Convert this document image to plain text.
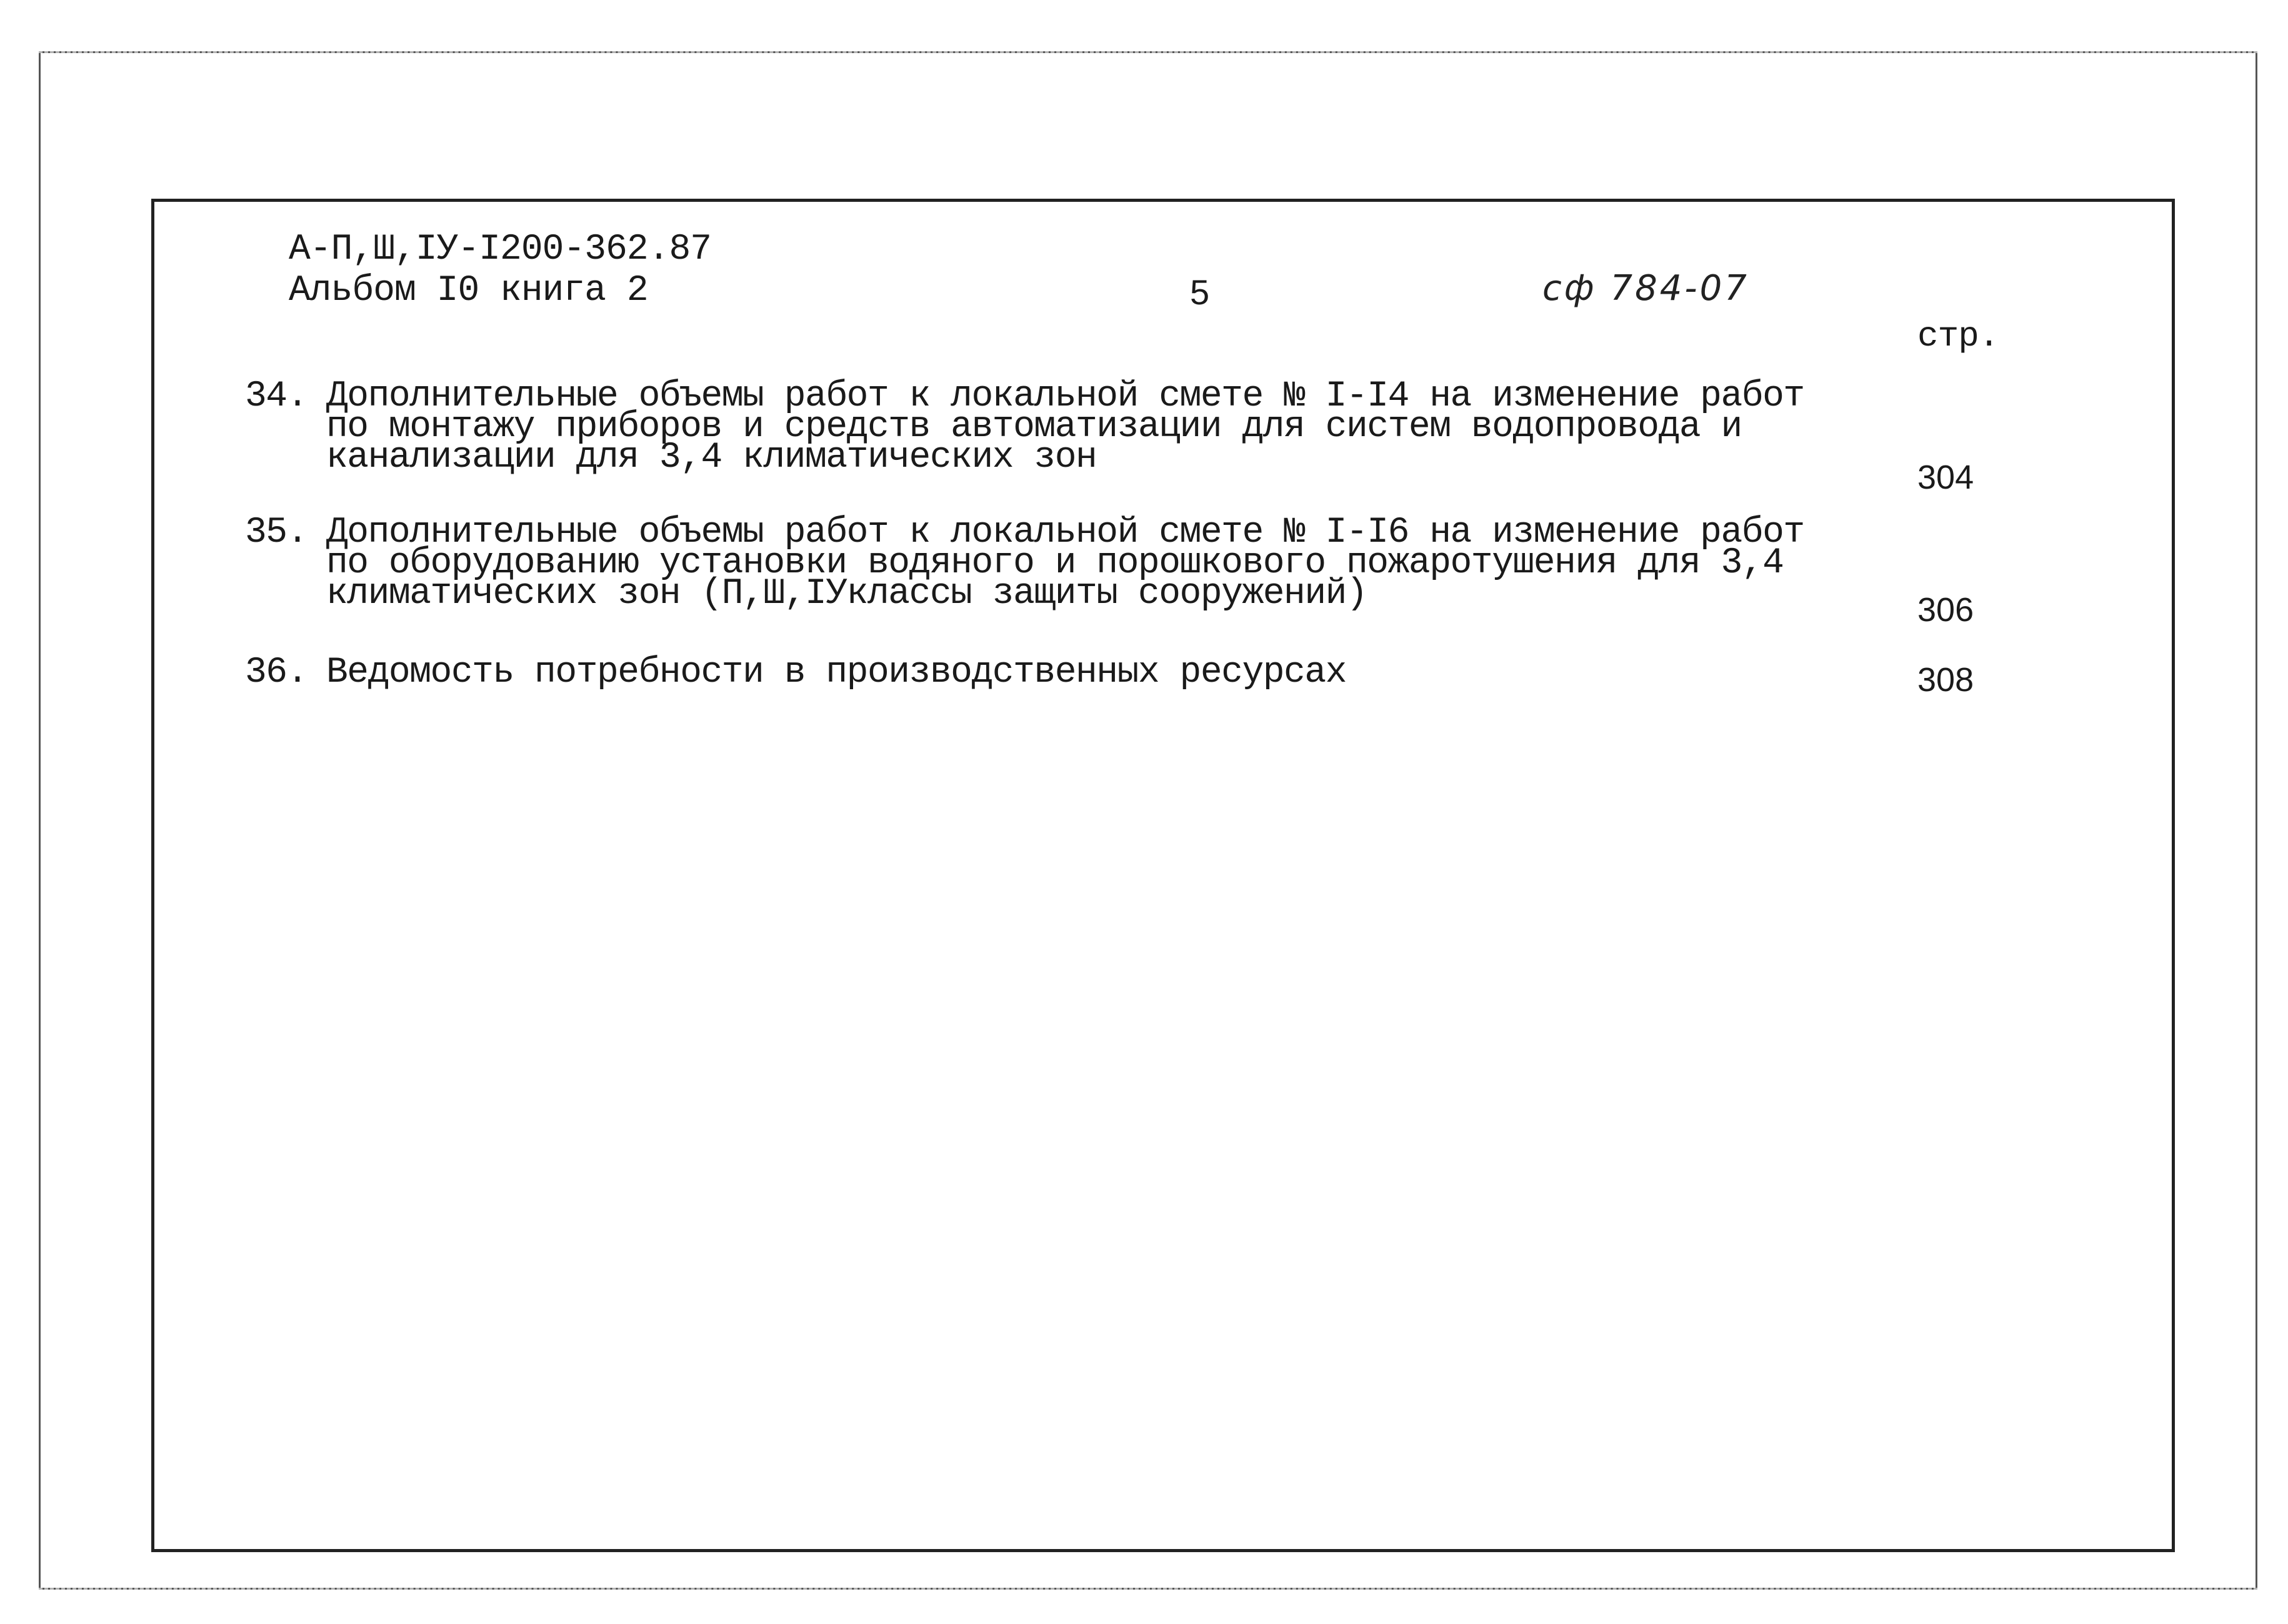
А-П,Ш,IУ-I200-362.87
Альбом I0 книга 2	5	сф 784-07
стр.
34. Дополнительные объемы работ к локальной смете № I-I4 на изменение работ
по монтажу приборов и средств автоматизации для систем водопровода и
канализации для 3,4 климатических зон	304
35. Дополнительные объемы работ к локальной смете № I-I6 на изменение работ
по оборудованию установки водяного и порошкового пожаротушения для 3,4
климатических зон (П,Ш,IУклассы защиты сооружений)	306
36. Ведомость потребности в производственных ресурсах	308
